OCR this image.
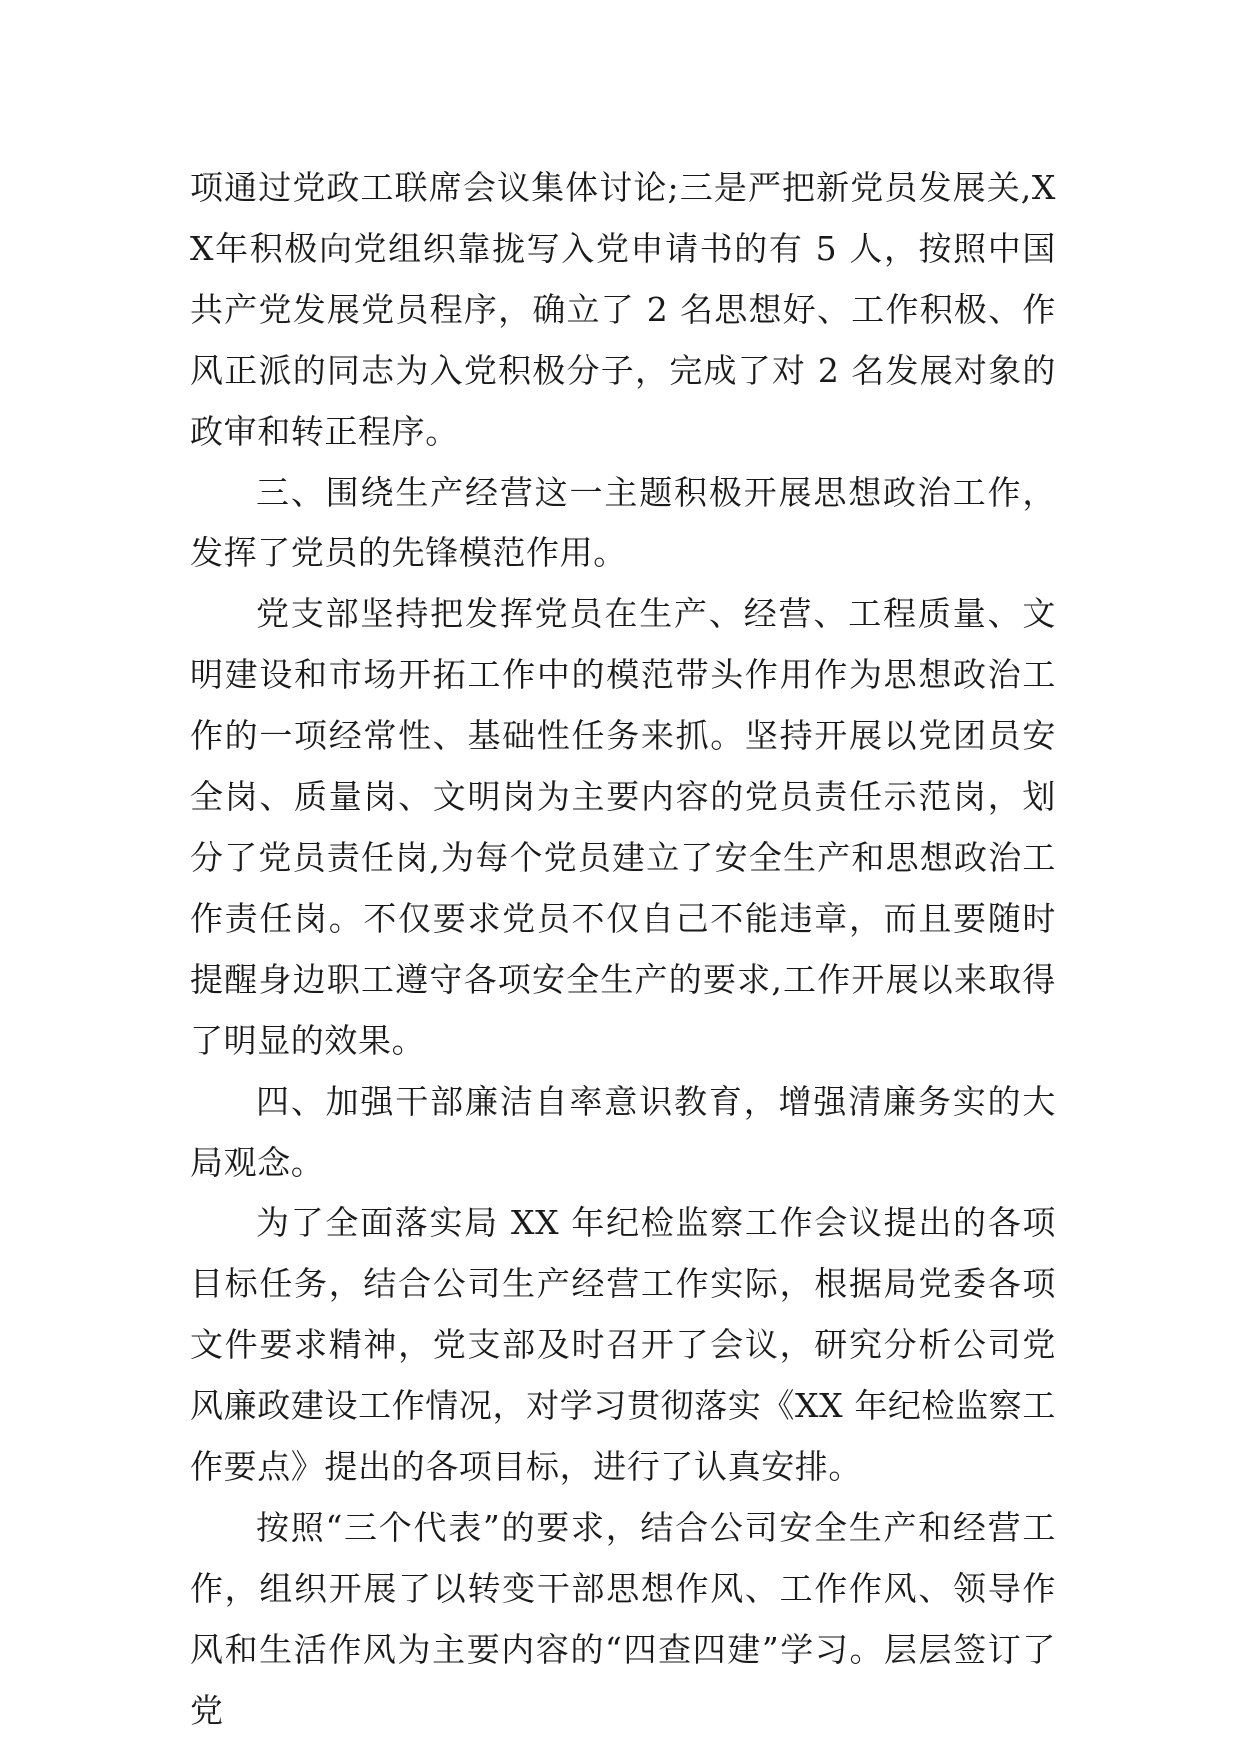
项通过党政工联席会议集体讨论;三是严把新党员发展关,XX年积极向党组织靠拢写入党申请书的有 5 人，按照中国共产党发展党员程序，确立了 2 名思想好、工作积极、作风正派的同志为入党积极分子，完成了对 2 名发展对象的政审和转正程序。

三、围绕生产经营这一主题积极开展思想政治工作，发挥了党员的先锋模范作用。

党支部坚持把发挥党员在生产、经营、工程质量、文明建设和市场开拓工作中的模范带头作用作为思想政治工作的一项经常性、基础性任务来抓。坚持开展以党团员安全岗、质量岗、文明岗为主要内容的党员责任示范岗，划分了党员责任岗,为每个党员建立了安全生产和思想政治工作责任岗。不仅要求党员不仅自己不能违章，而且要随时提醒身边职工遵守各项安全生产的要求,工作开展以来取得了明显的效果。

四、加强干部廉洁自率意识教育，增强清廉务实的大局观念。

为了全面落实局 XX 年纪检监察工作会议提出的各项目标任务，结合公司生产经营工作实际，根据局党委各项文件要求精神，党支部及时召开了会议，研究分析公司党风廉政建设工作情况，对学习贯彻落实《XX 年纪检监察工作要点》提出的各项目标，进行了认真安排。

按照“三个代表”的要求，结合公司安全生产和经营工作，组织开展了以转变干部思想作风、工作作风、领导作风和生活作风为主要内容的“四查四建”学习。层层签订了党
